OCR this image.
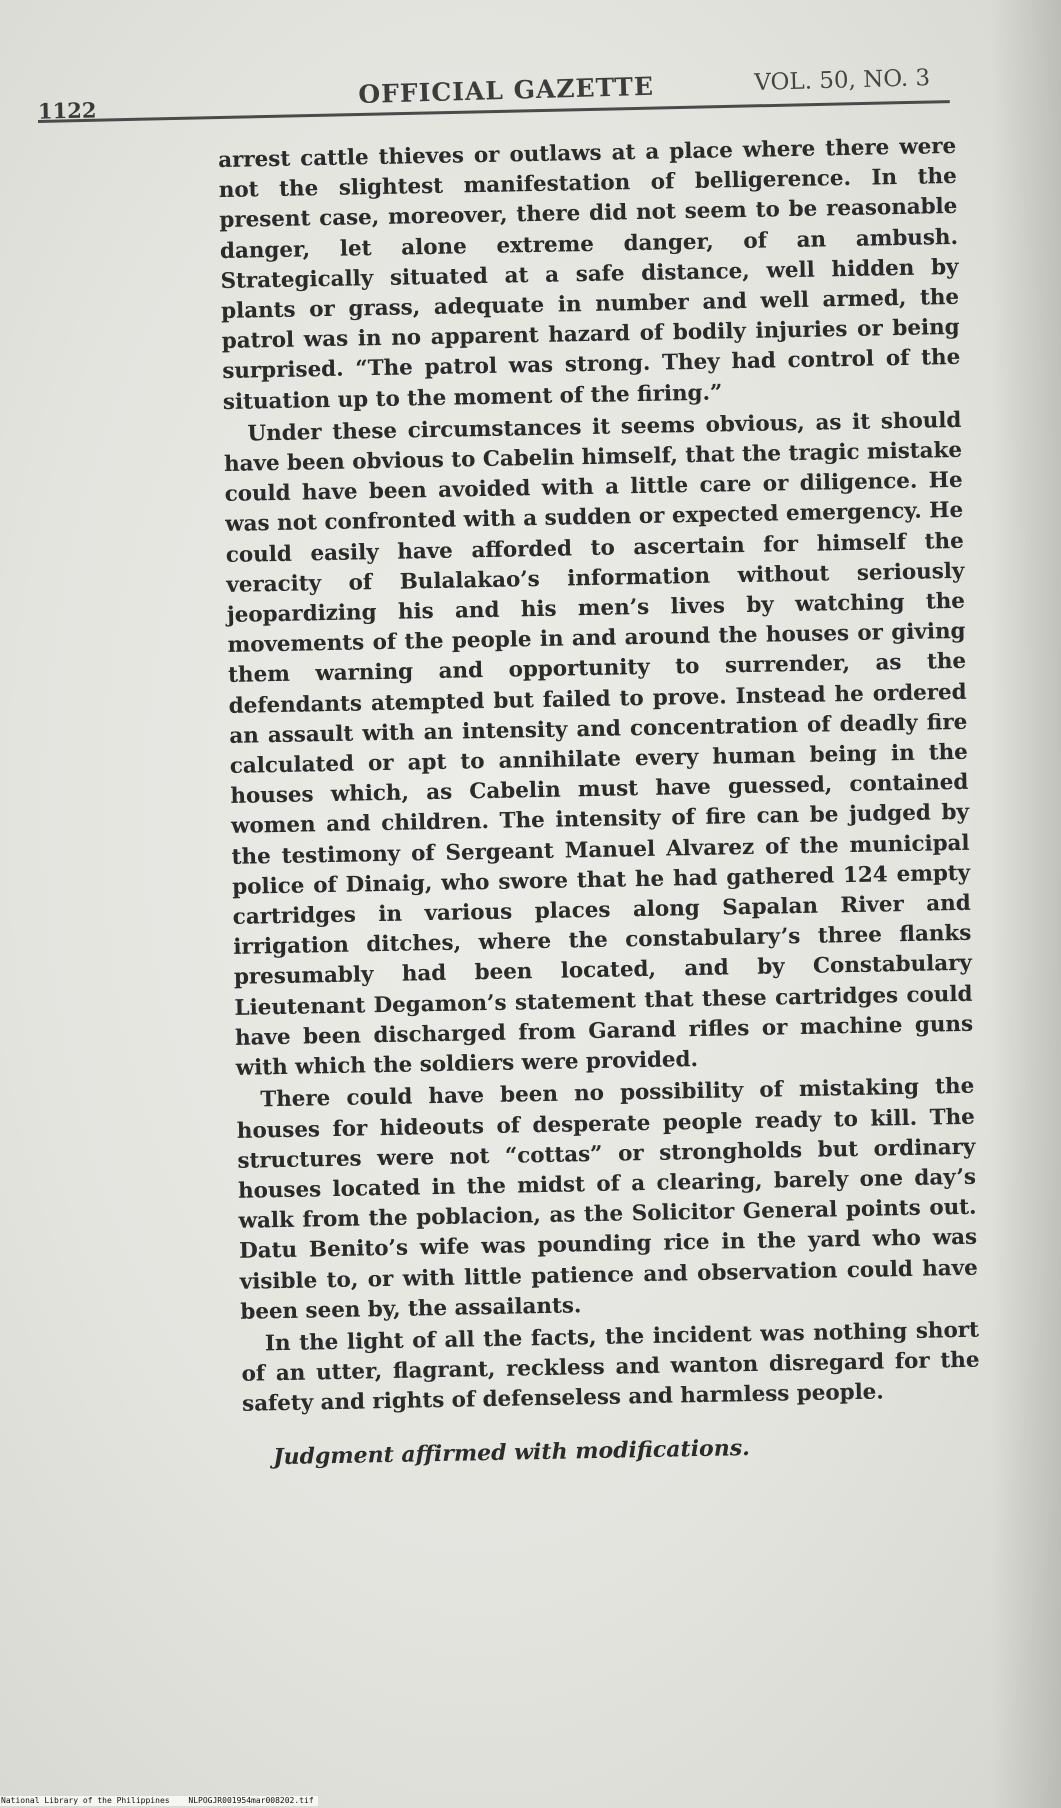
1122
OFFICIAL GAZETTE	VOL. 50, NO. 3

arrest cattle thieves or outlaws at a place where there were not the slightest manifestation of belligerence. In the present case, moreover, there did not seem to be reasonable danger, let alone extreme danger, of an ambush. Strategically situated at a safe distance, well hidden by plants or grass, adequate in number and well armed, the patrol was in no apparent hazard of bodily injuries or being surprised. “The patrol was strong. They had control of the situation up to the moment of the firing.”

Under these circumstances it seems obvious, as it should have been obvious to Cabelin himself, that the tragic mistake could have been avoided with a little care or diligence. He was not confronted with a sudden or expected emergency. He could easily have afforded to ascertain for himself the veracity of Bulalakao’s information without seriously jeopardizing his and his men’s lives by watching the movements of the people in and around the houses or giving them warning and opportunity to surrender, as the defendants atempted but failed to prove. Instead he ordered an assault with an intensity and concentration of deadly fire calculated or apt to annihilate every human being in the houses which, as Cabelin must have guessed, contained women and children. The intensity of fire can be judged by the testimony of Sergeant Manuel Alvarez of the municipal police of Dinaig, who swore that he had gathered 124 empty cartridges in various places along Sapalan River and irrigation ditches, where the constabulary’s three flanks presumably had been located, and by Constabulary Lieutenant Degamon’s statement that these cartridges could have been discharged from Garand rifles or machine guns with which the soldiers were provided.

There could have been no possibility of mistaking the houses for hideouts of desperate people ready to kill. The structures were not “cottas” or strongholds but ordinary houses located in the midst of a clearing, barely one day’s walk from the poblacion, as the Solicitor General points out. Datu Benito’s wife was pounding rice in the yard who was visible to, or with little patience and observation could have been seen by, the assailants.

In the light of all the facts, the incident was nothing short of an utter, flagrant, reckless and wanton disregard for the safety and rights of defenseless and harmless people.

Judgment affirmed with modifications.

National Library of the Philippines NLPOGJR001954mar008202.tif
